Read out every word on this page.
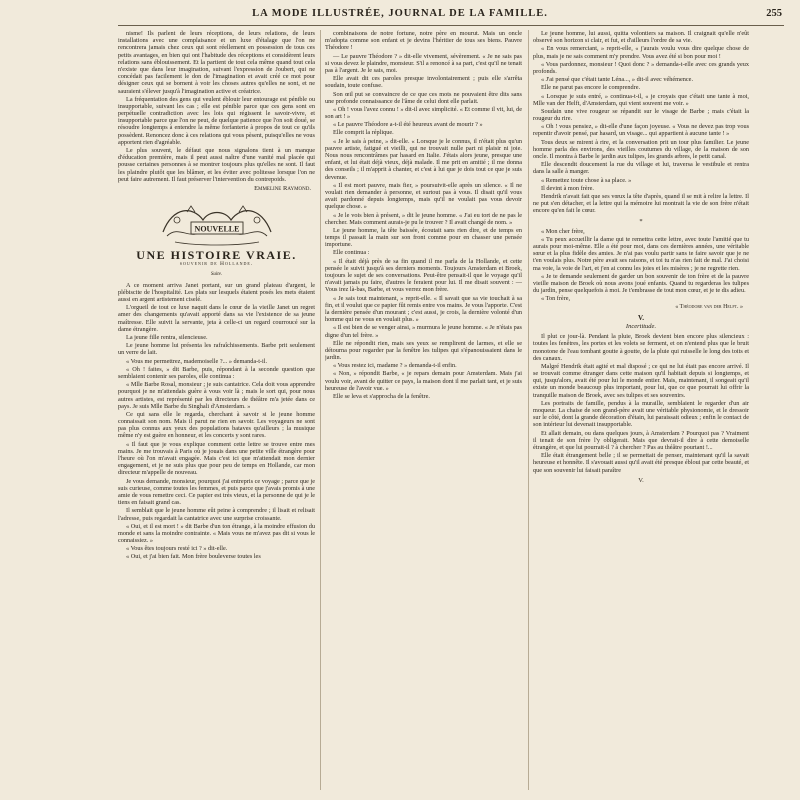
LA MODE ILLUSTRÉE, JOURNAL DE LA FAMILLE.	255

nisme! Ils parlent de leurs réceptions, de leurs relations, de leurs installations avec une complaisance et un luxe d'étalage que l'on ne rencontrera jamais chez ceux qui sont réellement en possession de tous ces petits avantages, en bien qui ont l'habitude des réceptions et considèrent leurs relations sans éblouissement. Et la partient de tout cela même quand tout cela n'existe que dans leur imagination, suivant l'expression de Joubert, qui ne concédait pas facilement le don de l'imagination et avait créé ce mot pour désigner ceux qui se bornent à voir les choses autres qu'elles ne sont, et ne sauraient s'élever jusqu'à l'imagination active et créatrice.

La fréquentation des gens qui veulent éblouir leur entourage est pénible ou insupportable, suivant les cas ; elle est pénible parce que ces gens sont en perpétuelle contradiction avec les lois qui régissent le savoir-vivre, et insupportable parce que l'on ne peut, de quelque patience que l'on soit doué, se résoudre longtemps à entendre la même forfanterie à propos de tout ce qu'ils possèdent. Renoncez donc à ces relations qui vous pèsent, puisqu'elles ne vous apportent rien d'agréable.

Le plus souvent, le défaut que nous signalons tient à un manque d'éducation première, mais il peut aussi naître d'une vanité mal placée qui pousse certaines personnes à se montrer toujours plus qu'elles ne sont. Il faut les plaindre plutôt que les blâmer, et les éviter avec politesse lorsque l'on ne peut faire autrement. Il faut préserver l'intervention du contrepoids.

Emmeline Raymond.
NOUVELLE
UNE HISTOIRE VRAIE.
souvenir de Hollande.
Suite.

A ce moment arriva Janet portant, sur un grand plateau d'argent, le plébiscite de l'hospitalité. Les plats sur lesquels étaient posés les mets étaient aussi en argent artistement ciselé.

L'orgueil de tout ce luxe naquit dans le cœur de la vieille Janet un regret amer des changements qu'avait apporté dans sa vie l'existence de sa jeune maîtresse. Elle suivit la servante, jeta à celle-ci un regard courroucé sur la dame étrangère.

La jeune fille rentra, silencieuse.

Le jeune homme lui présenta les rafraîchissements. Barbe prit seulement un verre de lait.

« Vous me permettrez, mademoiselle ?... » demanda-t-il.

« Oh ! faites, » dit Barbe, puis, répondant à la seconde question que semblaient contenir ses paroles, elle continua :

« Mlle Barbe Rosal, monsieur ; je suis cantatrice. Cela doit vous apprendre pourquoi je ne m'attendais guère à vous voir là ; mais le sort qui, pour nous autres artistes, est représenté par les directeurs de théâtre m'a jetée dans ce pays. Je suis Mlle Barbe du Singhali d'Amsterdam. »

Ce qui sans elle le regarda, cherchant à savoir si le jeune homme connaissait son nom. Mais il parut ne rien en savoir. Les voyageurs ne sont pas plus connus aux yeux des populations bataves qu'ailleurs ; la musique même n'y est guère en honneur, et les concerts y sont rares.

« Il faut que je vous explique comment cette lettre se trouve entre mes mains. Je me trouvais à Paris où je jouais dans une petite ville étrangère pour l'heure où l'on m'avait engagée. Mais c'est ici que m'attendait mon dernier engagement, et je ne suis plus que pour peu de temps en Hollande, car mon directeur m'appelle de nouveau.

Je vous demande, monsieur, pourquoi j'ai entrepris ce voyage ; parce que je suis curieuse, comme toutes les femmes, et puis parce que j'avais promis à une amie de vous remettre ceci. Ce papier est très vieux, et la personne de qui je le tiens en faisait grand cas.

Il semblait que le jeune homme eût peine à comprendre ; il lisait et relisait l'adresse, puis regardait la cantatrice avec une surprise croissante.

« Oui, et il est mort ! » dit Barbe d'un ton étrange, à la moindre effusion du monde et sans la moindre contrainte. « Mais vous ne m'avez pas dit si vous le connaissiez. »

« Vous êtes toujours resté ici ? » dit-elle.

« Oui, et j'ai bien fait. Mon frère bouleverse toutes les

combinaisons de notre fortune, notre père en mourut. Mais un oncle m'adopta comme son enfant et je devins l'héritier de tous ses biens. Pauvre Théodore !

— Le pauvre Théodore ? » dit-elle vivement, sévèrement. « Je ne sais pas si vous devez le plaindre, monsieur. S'il a renoncé à sa part, c'est qu'il ne tenait pas à l'argent. Je le sais, moi.

Elle avait dit ces paroles presque involontairement ; puis elle s'arrêta soudain, toute confuse.

Son œil put se convaincre de ce que ces mots ne pouvaient être dits sans une profonde connaissance de l'âme de celui dont elle parlait.

« Oh ! vous l'avez connu ! » dit-il avec simplicité. « Et comme il vit, lui, de son art ! »

« Le pauvre Théodore a-t-il été heureux avant de mourir ? »

Elle comprit la réplique.

« Je le sais à peine, » dit-elle. « Lorsque je le connus, il n'était plus qu'un pauvre artiste, fatigué et vieilli, qui ne trouvait nulle part ni plaisir ni joie. Nous nous rencontrâmes par hasard en Italie. J'étais alors jeune, presque une enfant, et lui était déjà vieux, déjà malade. Il me prit en amitié ; il me donna des conseils ; il m'apprit à chanter, et c'est à lui que je dois tout ce que je suis devenue.

« Il est mort pauvre, mais fier, » poursuivit-elle après un silence. « Il ne voulait rien demander à personne, et surtout pas à vous. Il disait qu'il vous avait pardonné depuis longtemps, mais qu'il ne voulait pas vous devoir quelque chose. »

« Je le vois bien à présent, » dit le jeune homme. « J'ai eu tort de ne pas le chercher. Mais comment aurais-je pu le trouver ? Il avait changé de nom. »

Le jeune homme, la tête baissée, écoutait sans rien dire, et de temps en temps il passait la main sur son front comme pour en chasser une pensée importune.

Elle continua :

« Il était déjà près de sa fin quand il me parla de la Hollande, et cette pensée le suivit jusqu'à ses derniers moments. Toujours Amsterdam et Broek, toujours le sujet de ses conversations. Peut-être pensait-il que le voyage qu'il n'avait jamais pu faire, d'autres le feraient pour lui. Il me disait souvent : — Vous irez là-bas, Barbe, et vous verrez mon frère.

« Je sais tout maintenant, » reprit-elle. « Il savait que sa vie touchait à sa fin, et il voulut que ce papier fût remis entre vos mains. Je vous l'apporte. C'est la dernière pensée d'un mourant ; c'est aussi, je crois, la dernière volonté d'un homme qui ne vous en voulait plus. »

« Il est bien de se venger ainsi, » murmura le jeune homme. « Je n'étais pas digne d'un tel frère. »

Elle ne répondit rien, mais ses yeux se remplirent de larmes, et elle se détourna pour regarder par la fenêtre les tulipes qui s'épanouissaient dans le jardin.

« Vous restez ici, madame ? » demanda-t-il enfin.

« Non, » répondit Barbe, « je repars demain pour Amsterdam. Mais j'ai voulu voir, avant de quitter ce pays, la maison dont il me parlait tant, et je suis heureuse de l'avoir vue. »

Elle se leva et s'approcha de la fenêtre.

Le jeune homme, lui aussi, quitta volontiers sa maison. Il craignait qu'elle n'eût observé son horizon si clair, et fut, et d'ailleurs l'ordre de sa vie.

« En vous remerciant, » reprit-elle, « j'aurais voulu vous dire quelque chose de plus, mais je ne sais comment m'y prendre. Vous avez été si bon pour moi !

« Vous pardonnez, monsieur ! Quoi donc ? » demanda-t-elle avec ces grands yeux profonds.

« J'ai pensé que c'était tante Léna..., » dit-il avec véhémence.

Elle ne parut pas encore le comprendre.

« Lorsque je suis entré, » continua-t-il, « je croyais que c'était une tante à moi, Mlle van der Helft, d'Amsterdam, qui vient souvent me voir. »

Soudain une vive rougeur se répandit sur le visage de Barbe ; mais c'était la rougeur du rire.

« Oh ! vous pensiez, » dit-elle d'une façon joyeuse. « Vous ne devez pas trop vous repentir d'avoir pensé, par hasard, un visage... qui appartient à aucune tante ! »

Tous deux se mirent à rire, et la conversation prit un tour plus familier. Le jeune homme parla des environs, des vieilles coutumes du village, de la maison de son oncle. Il montra à Barbe le jardin aux tulipes, les grands arbres, le petit canal.

Elle descendit doucement la rue du village et lui, traversa le vestibule et rentra dans la salle à manger.

« Remettez toute chose à sa place. »

Il devint à mon frère.

Hendrik n'avait fait que ses vœux la tête d'après, quand il se mit à relire la lettre. Il ne put s'en détacher, et la lettre qui la mémoire lui montrait la vie de son frère n'était encore qu'en fait le cœur.

*

« Mon cher frère,

« Tu peux accueillir la dame qui te remettra cette lettre, avec toute l'amitié que tu aurais pour moi-même. Elle a été pour moi, dans ces dernières années, une véritable sœur et la plus fidèle des amies. Je n'ai pas voulu partir sans te faire savoir que je ne t'en voulais plus. Notre père avait ses raisons, et toi tu n'as rien fait de mal. J'ai choisi ma voie, la voie de l'art, et j'en ai connu les joies et les misères ; je ne regrette rien.

« Je te demande seulement de garder un bon souvenir de ton frère et de la pauvre vieille maison de Broek où nous avons joué enfants. Quand tu regarderas les tulipes du jardin, pense quelquefois à moi. Je t'embrasse de tout mon cœur, et je te dis adieu.

« Ton frère,

« Théodore van der Helft. »
V.
Incertitude.

Il plut ce jour-là. Pendant la pluie, Broek devient bien encore plus silencieux : toutes les fenêtres, les portes et les volets se ferment, et on n'entend plus que le bruit monotone de l'eau tombant goutte à goutte, de la pluie qui ruisselle le long des toits et des canaux.

Malgré Hendrik était agité et mal disposé ; ce qui ne lui était pas encore arrivé. Il se trouvait comme étranger dans cette maison qu'il habitait depuis si longtemps, et qui, jusqu'alors, avait été pour lui le monde entier. Mais, maintenant, il songeait qu'il existe un monde beaucoup plus important, pour lui, que ce que pourrait lui offrir la tranquille maison de Broek, avec ses tulipes et ses souvenirs.

Les portraits de famille, pendus à la muraille, semblaient le regarder d'un air moqueur. La chaise de son grand-père avait une véritable physionomie, et le dressoir sur le côté, dont la grande décoration d'étain, lui paraissait odieux ; enfin le contact de son intérieur lui devenait insupportable.

Et allait demain, ou dans quelques jours, à Amsterdam ? Pourquoi pas ? Vraiment il tenait de son frère l'y obligerait. Mais que devrait-il dire à cette demoiselle étrangère, et que lui pourrait-il ? à chercher ? Pas au théâtre pourtant !...

Elle était étrangement belle ; il se permettait de penser, maintenant qu'il la savait heureuse et honnête. Il s'avouait aussi qu'il avait été presque ébloui par cette beauté, et que son souvenir lui faisait paraître

V.
